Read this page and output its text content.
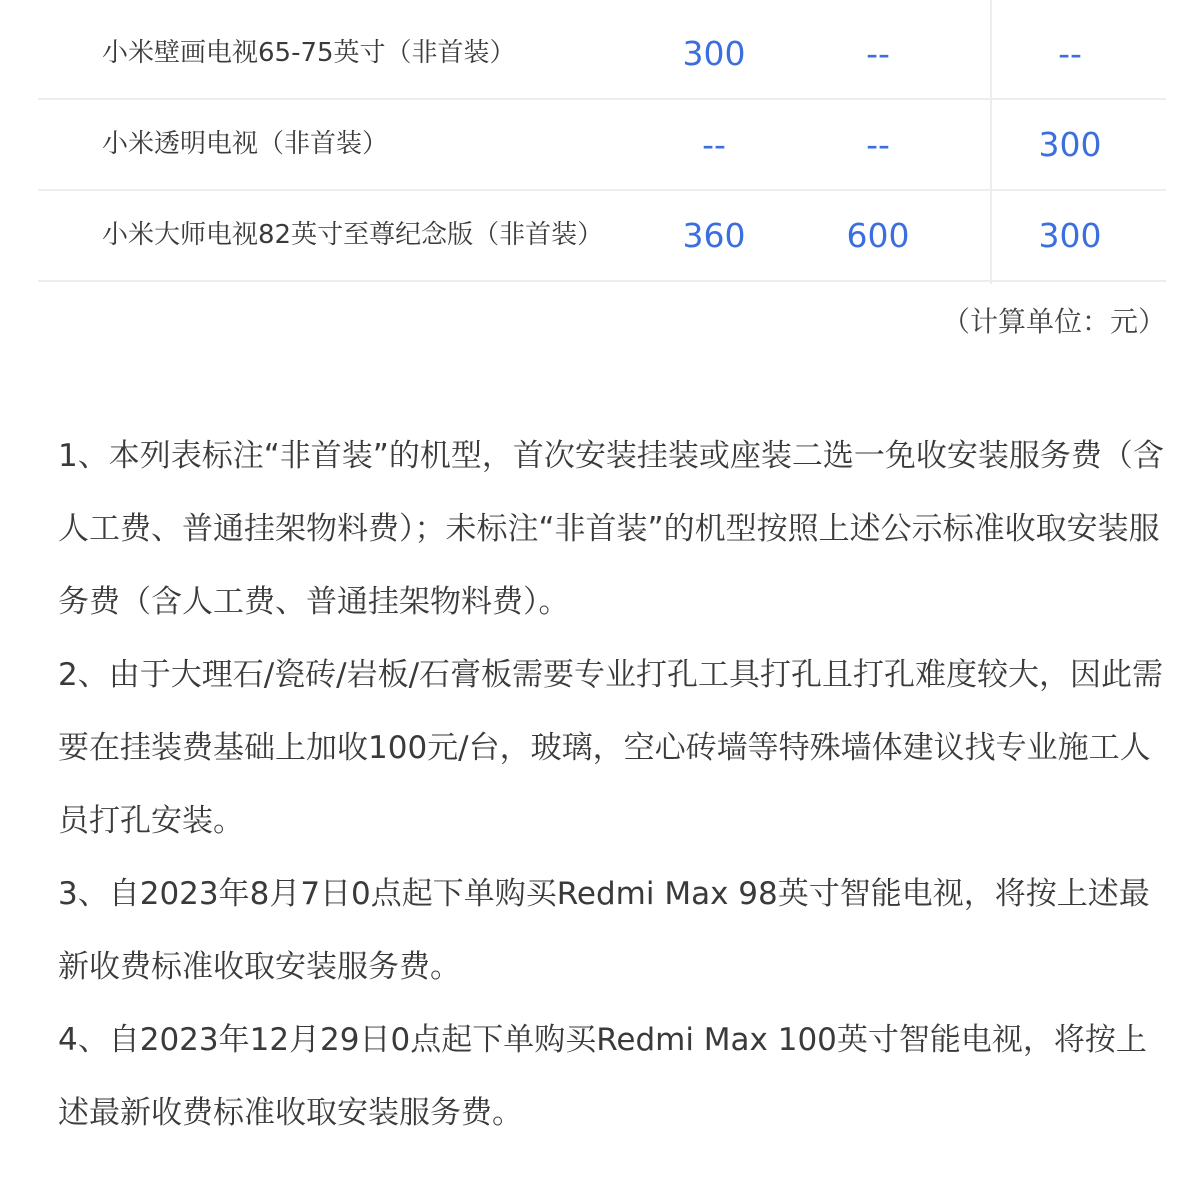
小米壁画电视65-75英寸（非首装）	300	--	--
小米透明电视（非首装）	--	--	300
小米大师电视82英寸至尊纪念版（非首装）	360	600	300
（计算单位：元）

1、本列表标注“非首装”的机型，首次安装挂装或座装二选一免收安装服务费（含人工费、普通挂架物料费）；未标注“非首装”的机型按照上述公示标准收取安装服务费（含人工费、普通挂架物料费）。

2、由于大理石/瓷砖/岩板/石膏板需要专业打孔工具打孔且打孔难度较大，因此需要在挂装费基础上加收100元/台，玻璃，空心砖墙等特殊墙体建议找专业施工人员打孔安装。

3、自2023年8月7日0点起下单购买Redmi Max 98英寸智能电视，将按上述最新收费标准收取安装服务费。

4、自2023年12月29日0点起下单购买Redmi Max 100英寸智能电视，将按上述最新收费标准收取安装服务费。
